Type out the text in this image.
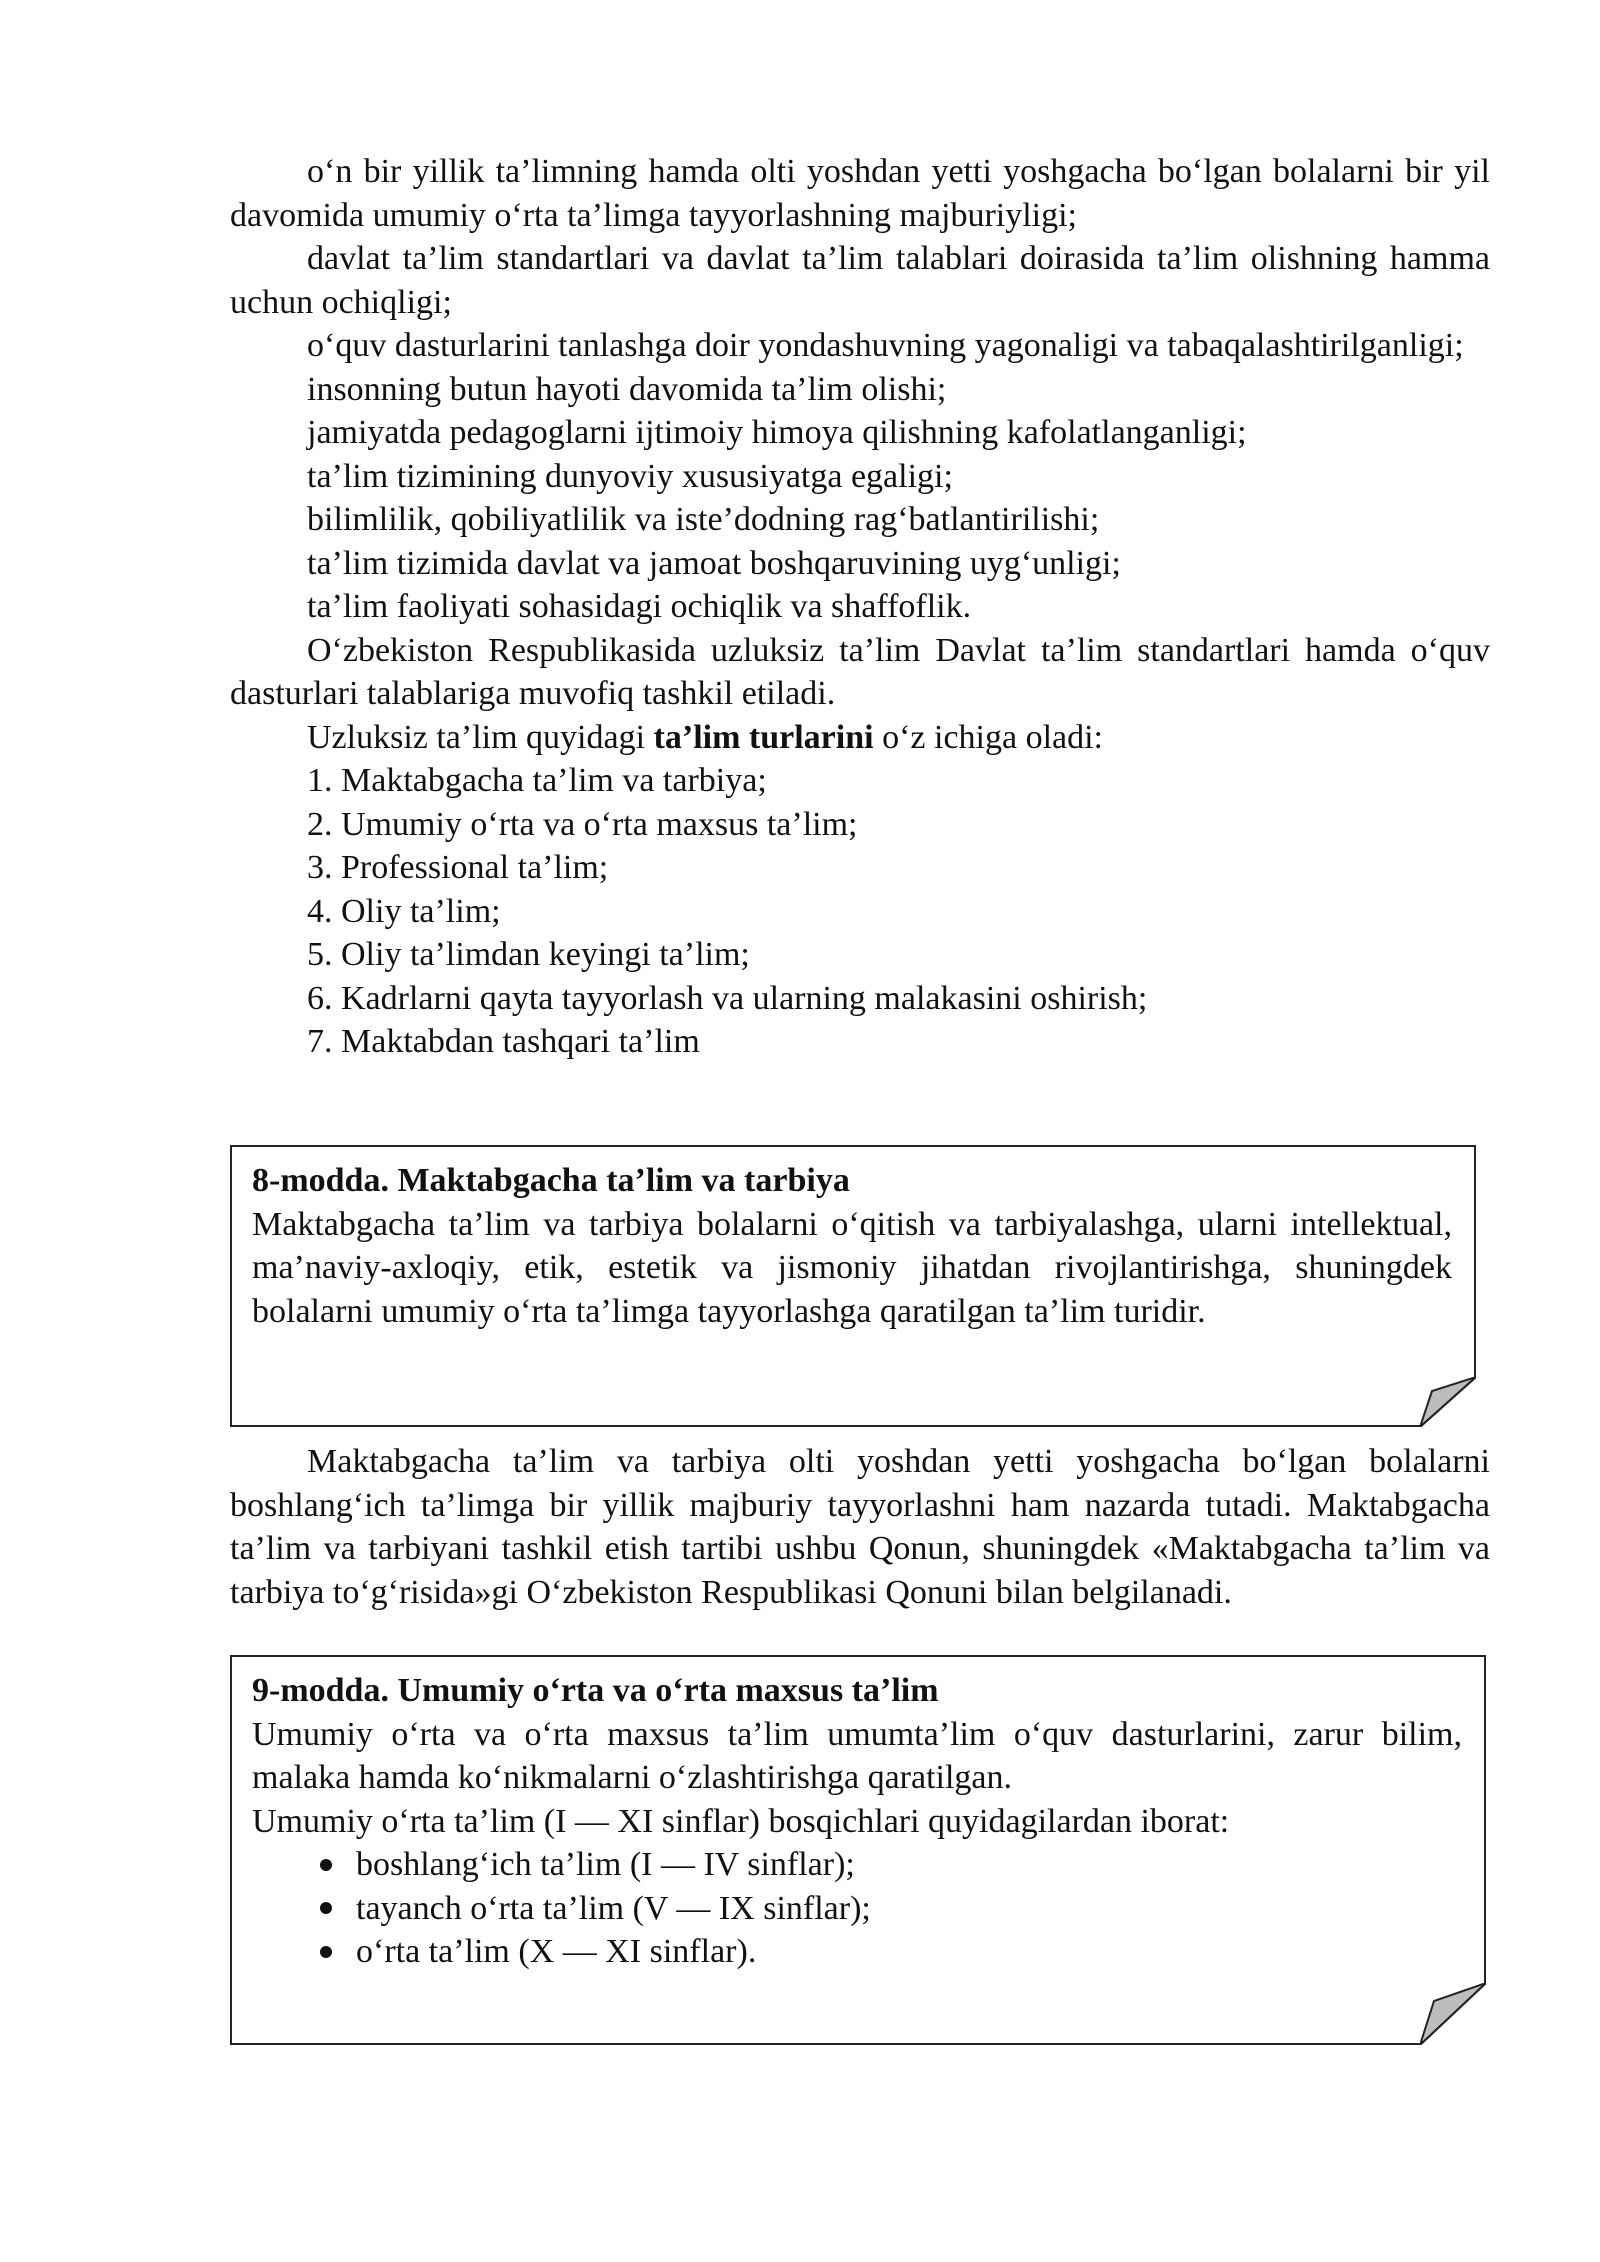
o‘n bir yillik ta’limning hamda olti yoshdan yetti yoshgacha bo‘lgan bolalarni bir yil davomida umumiy o‘rta ta’limga tayyorlashning majburiyligi;

davlat ta’lim standartlari va davlat ta’lim talablari doirasida ta’lim olishning hamma uchun ochiqligi;

o‘quv dasturlarini tanlashga doir yondashuvning yagonaligi va tabaqalashtirilganligi;

insonning butun hayoti davomida ta’lim olishi;

jamiyatda pedagoglarni ijtimoiy himoya qilishning kafolatlanganligi;

ta’lim tizimining dunyoviy xususiyatga egaligi;

bilimlilik, qobiliyatlilik va iste’dodning rag‘batlantirilishi;

ta’lim tizimida davlat va jamoat boshqaruvining uyg‘unligi;

ta’lim faoliyati sohasidagi ochiqlik va shaffoflik.

O‘zbekiston Respublikasida uzluksiz ta’lim Davlat ta’lim standartlari hamda o‘quv dasturlari talablariga muvofiq tashkil etiladi.

Uzluksiz ta’lim quyidagi ta’lim turlarini o‘z ichiga oladi:

1. Maktabgacha ta’lim va tarbiya;

2. Umumiy o‘rta va o‘rta maxsus ta’lim;

3. Professional ta’lim;

4. Oliy ta’lim;

5. Oliy ta’limdan keyingi ta’lim;

6. Kadrlarni qayta tayyorlash va ularning malakasini oshirish;

7. Maktabdan tashqari ta’lim

8-modda. Maktabgacha ta’lim va tarbiya

Maktabgacha ta’lim va tarbiya bolalarni o‘qitish va tarbiyalashga, ularni intellektual, ma’naviy-axloqiy, etik, estetik va jismoniy jihatdan rivojlantirishga, shuningdek bolalarni umumiy o‘rta ta’limga tayyorlashga qaratilgan ta’lim turidir.

Maktabgacha ta’lim va tarbiya olti yoshdan yetti yoshgacha bo‘lgan bolalarni boshlang‘ich ta’limga bir yillik majburiy tayyorlashni ham nazarda tutadi. Maktabgacha ta’lim va tarbiyani tashkil etish tartibi ushbu Qonun, shuningdek «Maktabgacha ta’lim va tarbiya to‘g‘risida»gi O‘zbekiston Respublikasi Qonuni bilan belgilanadi.

9-modda. Umumiy o‘rta va o‘rta maxsus ta’lim

Umumiy o‘rta va o‘rta maxsus ta’lim umumta’lim o‘quv dasturlarini, zarur bilim, malaka hamda ko‘nikmalarni o‘zlashtirishga qaratilgan.

Umumiy o‘rta ta’lim (I — XI sinflar) bosqichlari quyidagilardan iborat:

boshlang‘ich ta’lim (I — IV sinflar);

tayanch o‘rta ta’lim (V — IX sinflar);

o‘rta ta’lim (X — XI sinflar).
